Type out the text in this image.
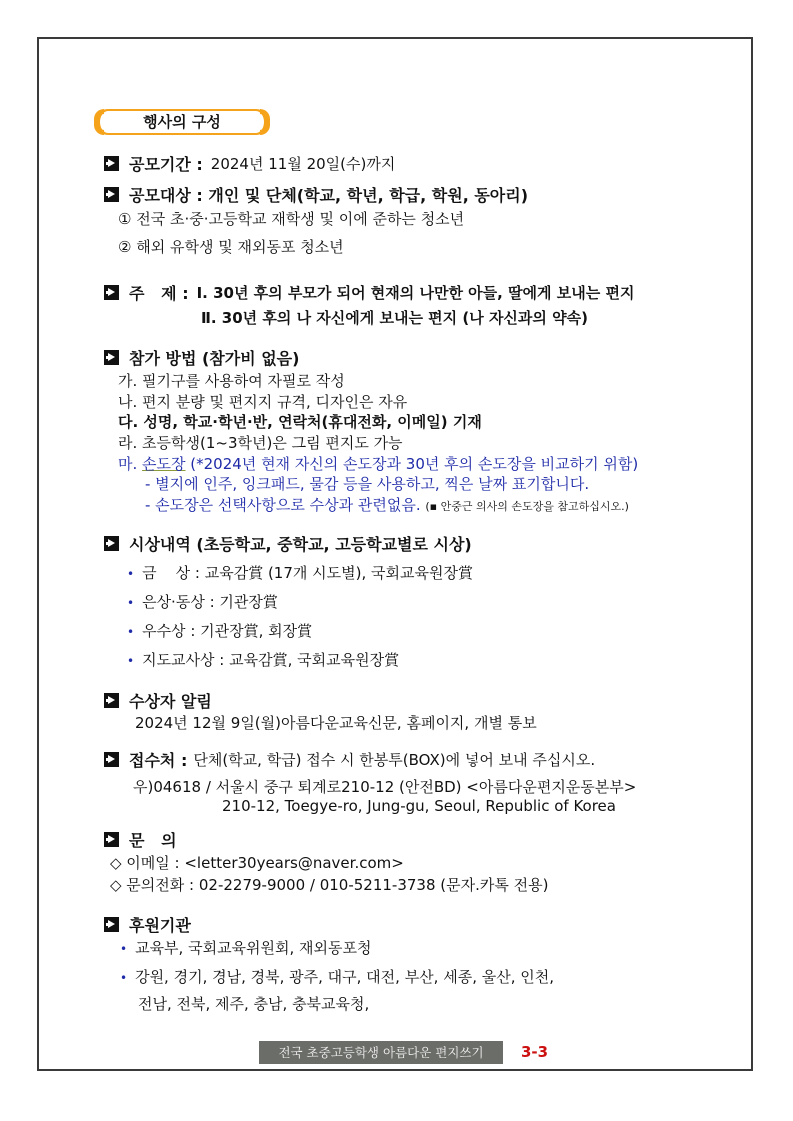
행사의 구성
공모기간 : 2024년 11월 20일(수)까지
공모대상 : 개인 및 단체(학교, 학년, 학급, 학원, 동아리)
① 전국 초·중·고등학교 재학생 및 이에 준하는 청소년
② 해외 유학생 및 재외동포 청소년
주   제 : Ⅰ. 30년 후의 부모가 되어 현재의 나만한 아들, 딸에게 보내는 편지
Ⅱ. 30년 후의 나 자신에게 보내는 편지 (나 자신과의 약속)
참가 방법 (참가비 없음)
가. 필기구를 사용하여 자필로 작성
나. 편지 분량 및 편지지 규격, 디자인은 자유
다. 성명, 학교·학년·반, 연락처(휴대전화, 이메일) 기재
라. 초등학생(1~3학년)은 그림 편지도 가능
마. 손도장 (*2024년 현재 자신의 손도장과 30년 후의 손도장을 비교하기 위함)
- 별지에 인주, 잉크패드, 물감 등을 사용하고, 찍은 날짜 표기합니다.
- 손도장은 선택사항으로 수상과 관련없음. (▪ 안중근 의사의 손도장을 참고하십시오.)
시상내역 (초등학교, 중학교, 고등학교별로 시상)
• 금    상 : 교육감賞 (17개 시도별), 국회교육원장賞
• 은상·동상 : 기관장賞
• 우수상 : 기관장賞, 회장賞
• 지도교사상 : 교육감賞, 국회교육원장賞
수상자 알림
2024년 12월 9일(월)아름다운교육신문, 홈페이지, 개별 통보
접수처 : 단체(학교, 학급) 접수 시 한봉투(BOX)에 넣어 보내 주십시오.
우)04618 / 서울시 중구 퇴계로210-12 (안전BD) <아름다운편지운동본부>
210-12, Toegye-ro, Jung-gu, Seoul, Republic of Korea
문   의
◇ 이메일 : <letter30years@naver.com>
◇ 문의전화 : 02-2279-9000 / 010-5211-3738 (문자.카톡 전용)
후원기관
• 교육부, 국회교육위원회, 재외동포청
• 강원, 경기, 경남, 경북, 광주, 대구, 대전, 부산, 세종, 울산, 인천,
전남, 전북, 제주, 충남, 충북교육청,
전국 초중고등학생 아름다운 편지쓰기	3-3
